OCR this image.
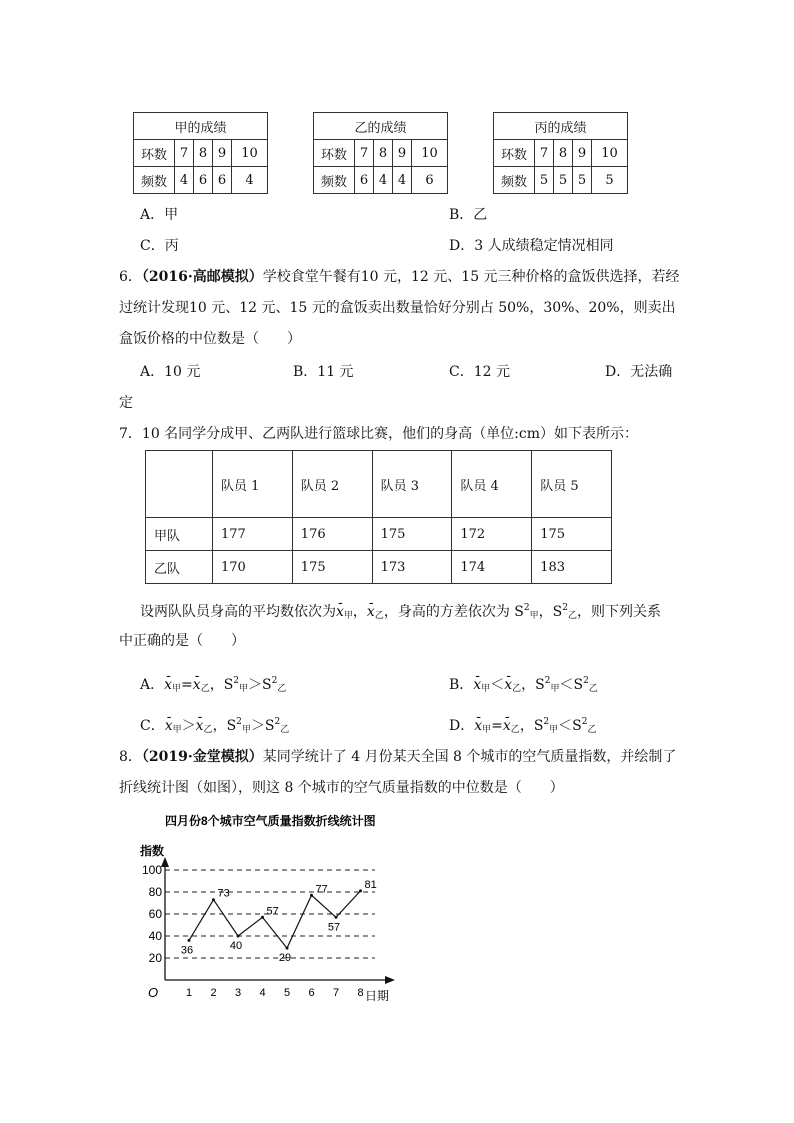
甲的成绩				
环数	7	8	9	10
频数	4	6	6	4
乙的成绩				
环数	7	8	9	10
频数	6	4	4	6
丙的成绩				
环数	7	8	9	10
频数	5	5	5	5
A．甲	B．乙
C．丙	D．3 人成绩稳定情况相同
6．（2016·高邮模拟）学校食堂午餐有10 元，12 元、15 元三种价格的盒饭供选择，若经
过统计发现10 元、12 元、15 元的盒饭卖出数量恰好分别占 50%，30%、20%，则卖出
盒饭价格的中位数是（　　）
A．10 元	B．11 元	C．12 元	D．无法确
定
7．10 名同学分成甲、乙两队进行篮球比赛，他们的身高（单位:cm）如下表所示：
	队员 1	队员 2	队员 3	队员 4	队员 5
甲队	177	176	175	172	175
乙队	170	175	173	174	183
设两队队员身高的平均数依次为- $x_甲$，- $x_乙$，身高的方差依次为 $S^2_甲$，$S^2_乙$，则下列关系
中正确的是（　　）
A．- $x_甲=-$ $x_乙$，$S^2_甲>S^2_乙$	B．- $x_甲<-$ $x_乙$，$S^2_甲<S^2_乙$
C．- $x_甲>-$ $x_乙$，$S^2_甲>S^2_乙$	D．- $x_甲=-$ $x_乙$，$S^2_甲<S^2_乙$
8．（2019·金堂模拟）某同学统计了 4 月份某天全国 8 个城市的空气质量指数，并绘制了
折线统计图（如图），则这 8 个城市的空气质量指数的中位数是（　　）
四月份8个城市空气质量指数折线统计图
指数
日期
O
20
40
60
80
100
1 2 3 4 5 6 7 8
36
73
40
57
29
77
57
81
